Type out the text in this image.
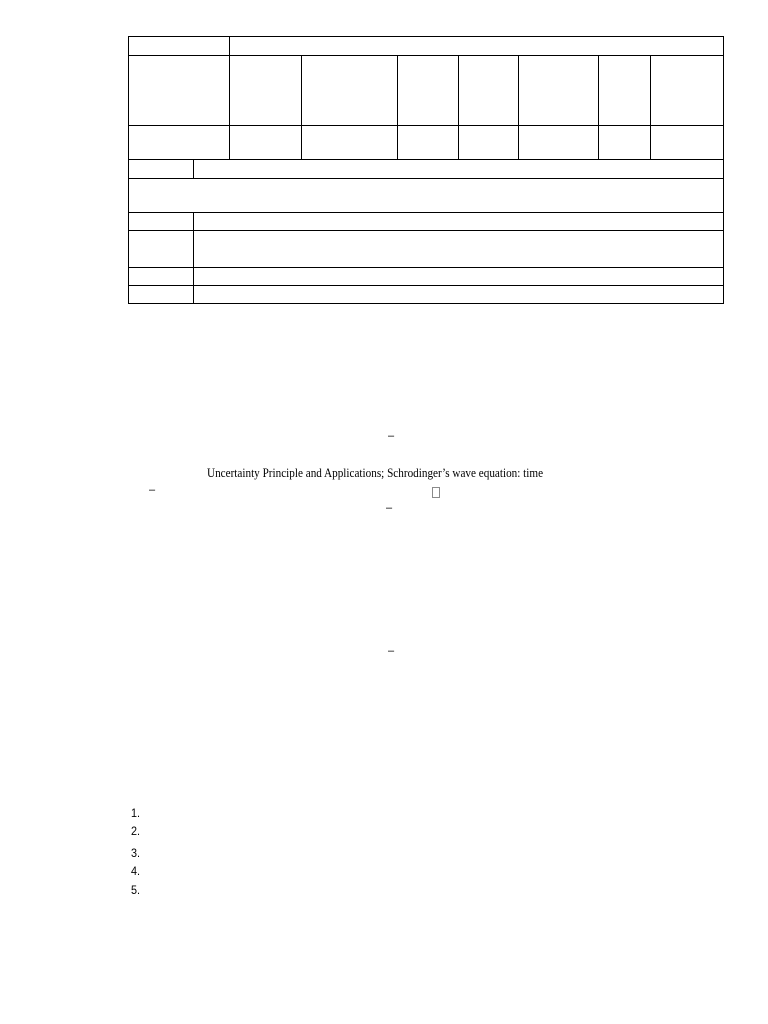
–
Uncertainty Principle and Applications; Schrodinger’s wave equation: time
–
–
–
1.
2.
3.
4.
5.
